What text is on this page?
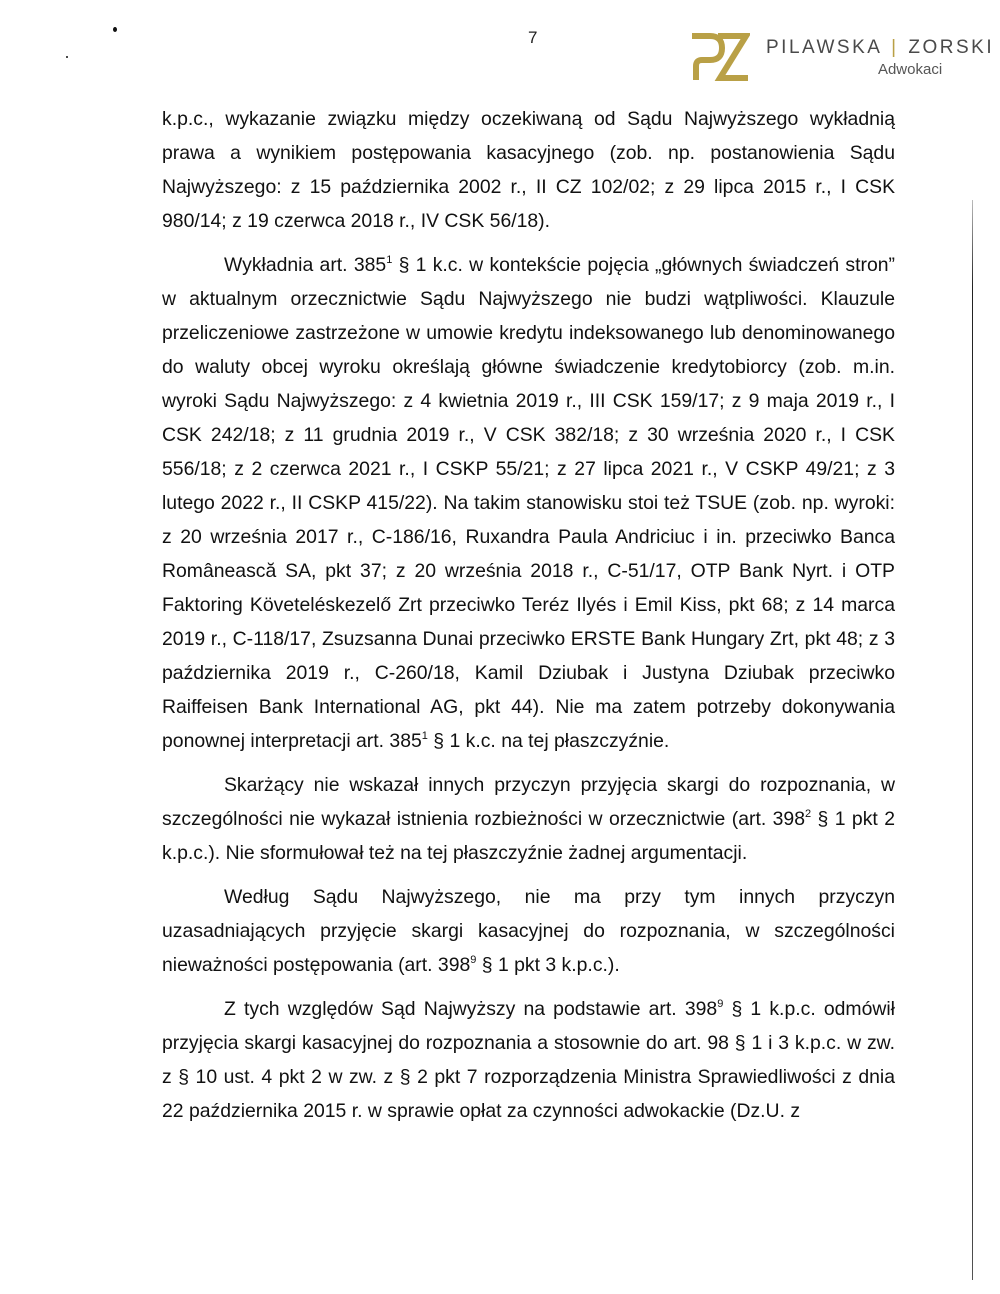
7	PILAWSKA | ZORSKI
Adwokaci

k.p.c., wykazanie związku między oczekiwaną od Sądu Najwyższego wykładnią prawa a wynikiem postępowania kasacyjnego (zob. np. postanowienia Sądu Najwyższego: z 15 października 2002 r., II CZ 102/02; z 29 lipca 2015 r., I CSK 980/14; z 19 czerwca 2018 r., IV CSK 56/18).

Wykładnia art. $385^1$ § 1 k.c. w kontekście pojęcia „głównych świadczeń stron” w aktualnym orzecznictwie Sądu Najwyższego nie budzi wątpliwości. Klauzule przeliczeniowe zastrzeżone w umowie kredytu indeksowanego lub denominowanego do waluty obcej wyroku określają główne świadczenie kredytobiorcy (zob. m.in. wyroki Sądu Najwyższego: z 4 kwietnia 2019 r., III CSK 159/17; z 9 maja 2019 r., I CSK 242/18; z 11 grudnia 2019 r., V CSK 382/18; z 30 września 2020 r., I CSK 556/18; z 2 czerwca 2021 r., I CSKP 55/21; z 27 lipca 2021 r., V CSKP 49/21; z 3 lutego 2022 r., II CSKP 415/22). Na takim stanowisku stoi też TSUE (zob. np. wyroki: z 20 września 2017 r., C-186/16, Ruxandra Paula Andriciuc i in. przeciwko Banca Românească SA, pkt 37; z 20 września 2018 r., C-51/17, OTP Bank Nyrt. i OTP Faktoring Követeléskezelő Zrt przeciwko Teréz Ilyés i Emil Kiss, pkt 68; z 14 marca 2019 r., C-118/17, Zsuzsanna Dunai przeciwko ERSTE Bank Hungary Zrt, pkt 48; z 3 października 2019 r., C-260/18, Kamil Dziubak i Justyna Dziubak przeciwko Raiffeisen Bank International AG, pkt 44). Nie ma zatem potrzeby dokonywania ponownej interpretacji art. $385^1$ § 1 k.c. na tej płaszczyźnie.

Skarżący nie wskazał innych przyczyn przyjęcia skargi do rozpoznania, w szczególności nie wykazał istnienia rozbieżności w orzecznictwie (art. $398^2$ § 1 pkt 2 k.p.c.). Nie sformułował też na tej płaszczyźnie żadnej argumentacji.

Według Sądu Najwyższego, nie ma przy tym innych przyczyn uzasadniających przyjęcie skargi kasacyjnej do rozpoznania, w szczególności nieważności postępowania (art. $398^9$ § 1 pkt 3 k.p.c.).

Z tych względów Sąd Najwyższy na podstawie art. $398^9$ § 1 k.p.c. odmówił przyjęcia skargi kasacyjnej do rozpoznania a stosownie do art. 98 § 1 i 3 k.p.c. w zw. z § 10 ust. 4 pkt 2 w zw. z § 2 pkt 7 rozporządzenia Ministra Sprawiedliwości z dnia 22 października 2015 r. w sprawie opłat za czynności adwokackie (Dz.U. z
